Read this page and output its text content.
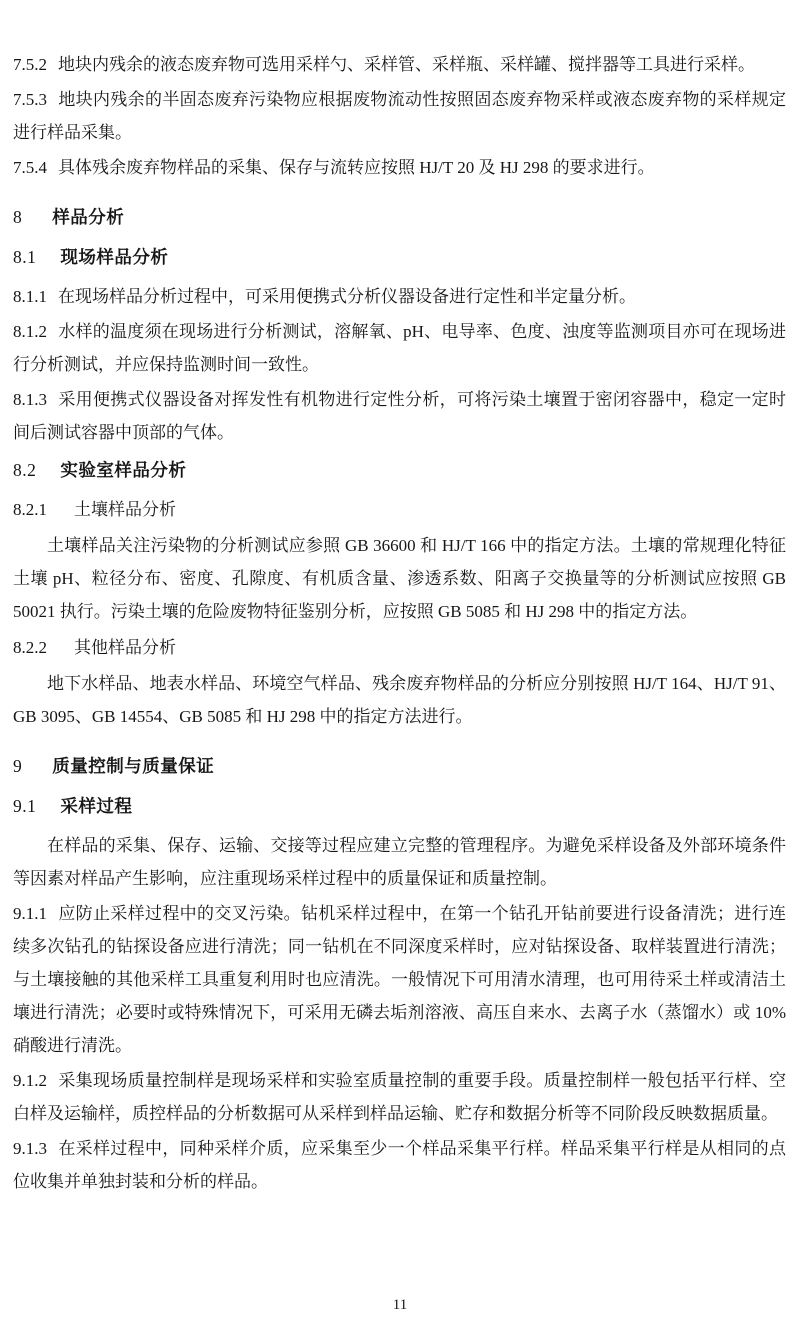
7.5.2 地块内残余的液态废弃物可选用采样勺、采样管、采样瓶、采样罐、搅拌器等工具进行采样。

7.5.3 地块内残余的半固态废弃污染物应根据废物流动性按照固态废弃物采样或液态废弃物的采样规定进行样品采集。

7.5.4 具体残余废弃物样品的采集、保存与流转应按照 HJ/T 20 及 HJ 298 的要求进行。

8 样品分析
8.1 现场样品分析

8.1.1 在现场样品分析过程中，可采用便携式分析仪器设备进行定性和半定量分析。

8.1.2 水样的温度须在现场进行分析测试，溶解氧、pH、电导率、色度、浊度等监测项目亦可在现场进行分析测试，并应保持监测时间一致性。

8.1.3 采用便携式仪器设备对挥发性有机物进行定性分析，可将污染土壤置于密闭容器中，稳定一定时间后测试容器中顶部的气体。

8.2 实验室样品分析
8.2.1 土壤样品分析

土壤样品关注污染物的分析测试应参照 GB 36600 和 HJ/T 166 中的指定方法。土壤的常规理化特征土壤 pH、粒径分布、密度、孔隙度、有机质含量、渗透系数、阳离子交换量等的分析测试应按照 GB 50021 执行。污染土壤的危险废物特征鉴别分析，应按照 GB 5085 和 HJ 298 中的指定方法。

8.2.2 其他样品分析

地下水样品、地表水样品、环境空气样品、残余废弃物样品的分析应分别按照 HJ/T 164、HJ/T 91、GB 3095、GB 14554、GB 5085 和 HJ 298 中的指定方法进行。

9 质量控制与质量保证
9.1 采样过程

在样品的采集、保存、运输、交接等过程应建立完整的管理程序。为避免采样设备及外部环境条件等因素对样品产生影响，应注重现场采样过程中的质量保证和质量控制。

9.1.1 应防止采样过程中的交叉污染。钻机采样过程中，在第一个钻孔开钻前要进行设备清洗；进行连续多次钻孔的钻探设备应进行清洗；同一钻机在不同深度采样时，应对钻探设备、取样装置进行清洗；与土壤接触的其他采样工具重复利用时也应清洗。一般情况下可用清水清理，也可用待采土样或清洁土壤进行清洗；必要时或特殊情况下，可采用无磷去垢剂溶液、高压自来水、去离子水（蒸馏水）或 10%硝酸进行清洗。

9.1.2 采集现场质量控制样是现场采样和实验室质量控制的重要手段。质量控制样一般包括平行样、空白样及运输样，质控样品的分析数据可从采样到样品运输、贮存和数据分析等不同阶段反映数据质量。

9.1.3 在采样过程中，同种采样介质，应采集至少一个样品采集平行样。样品采集平行样是从相同的点位收集并单独封装和分析的样品。

11
